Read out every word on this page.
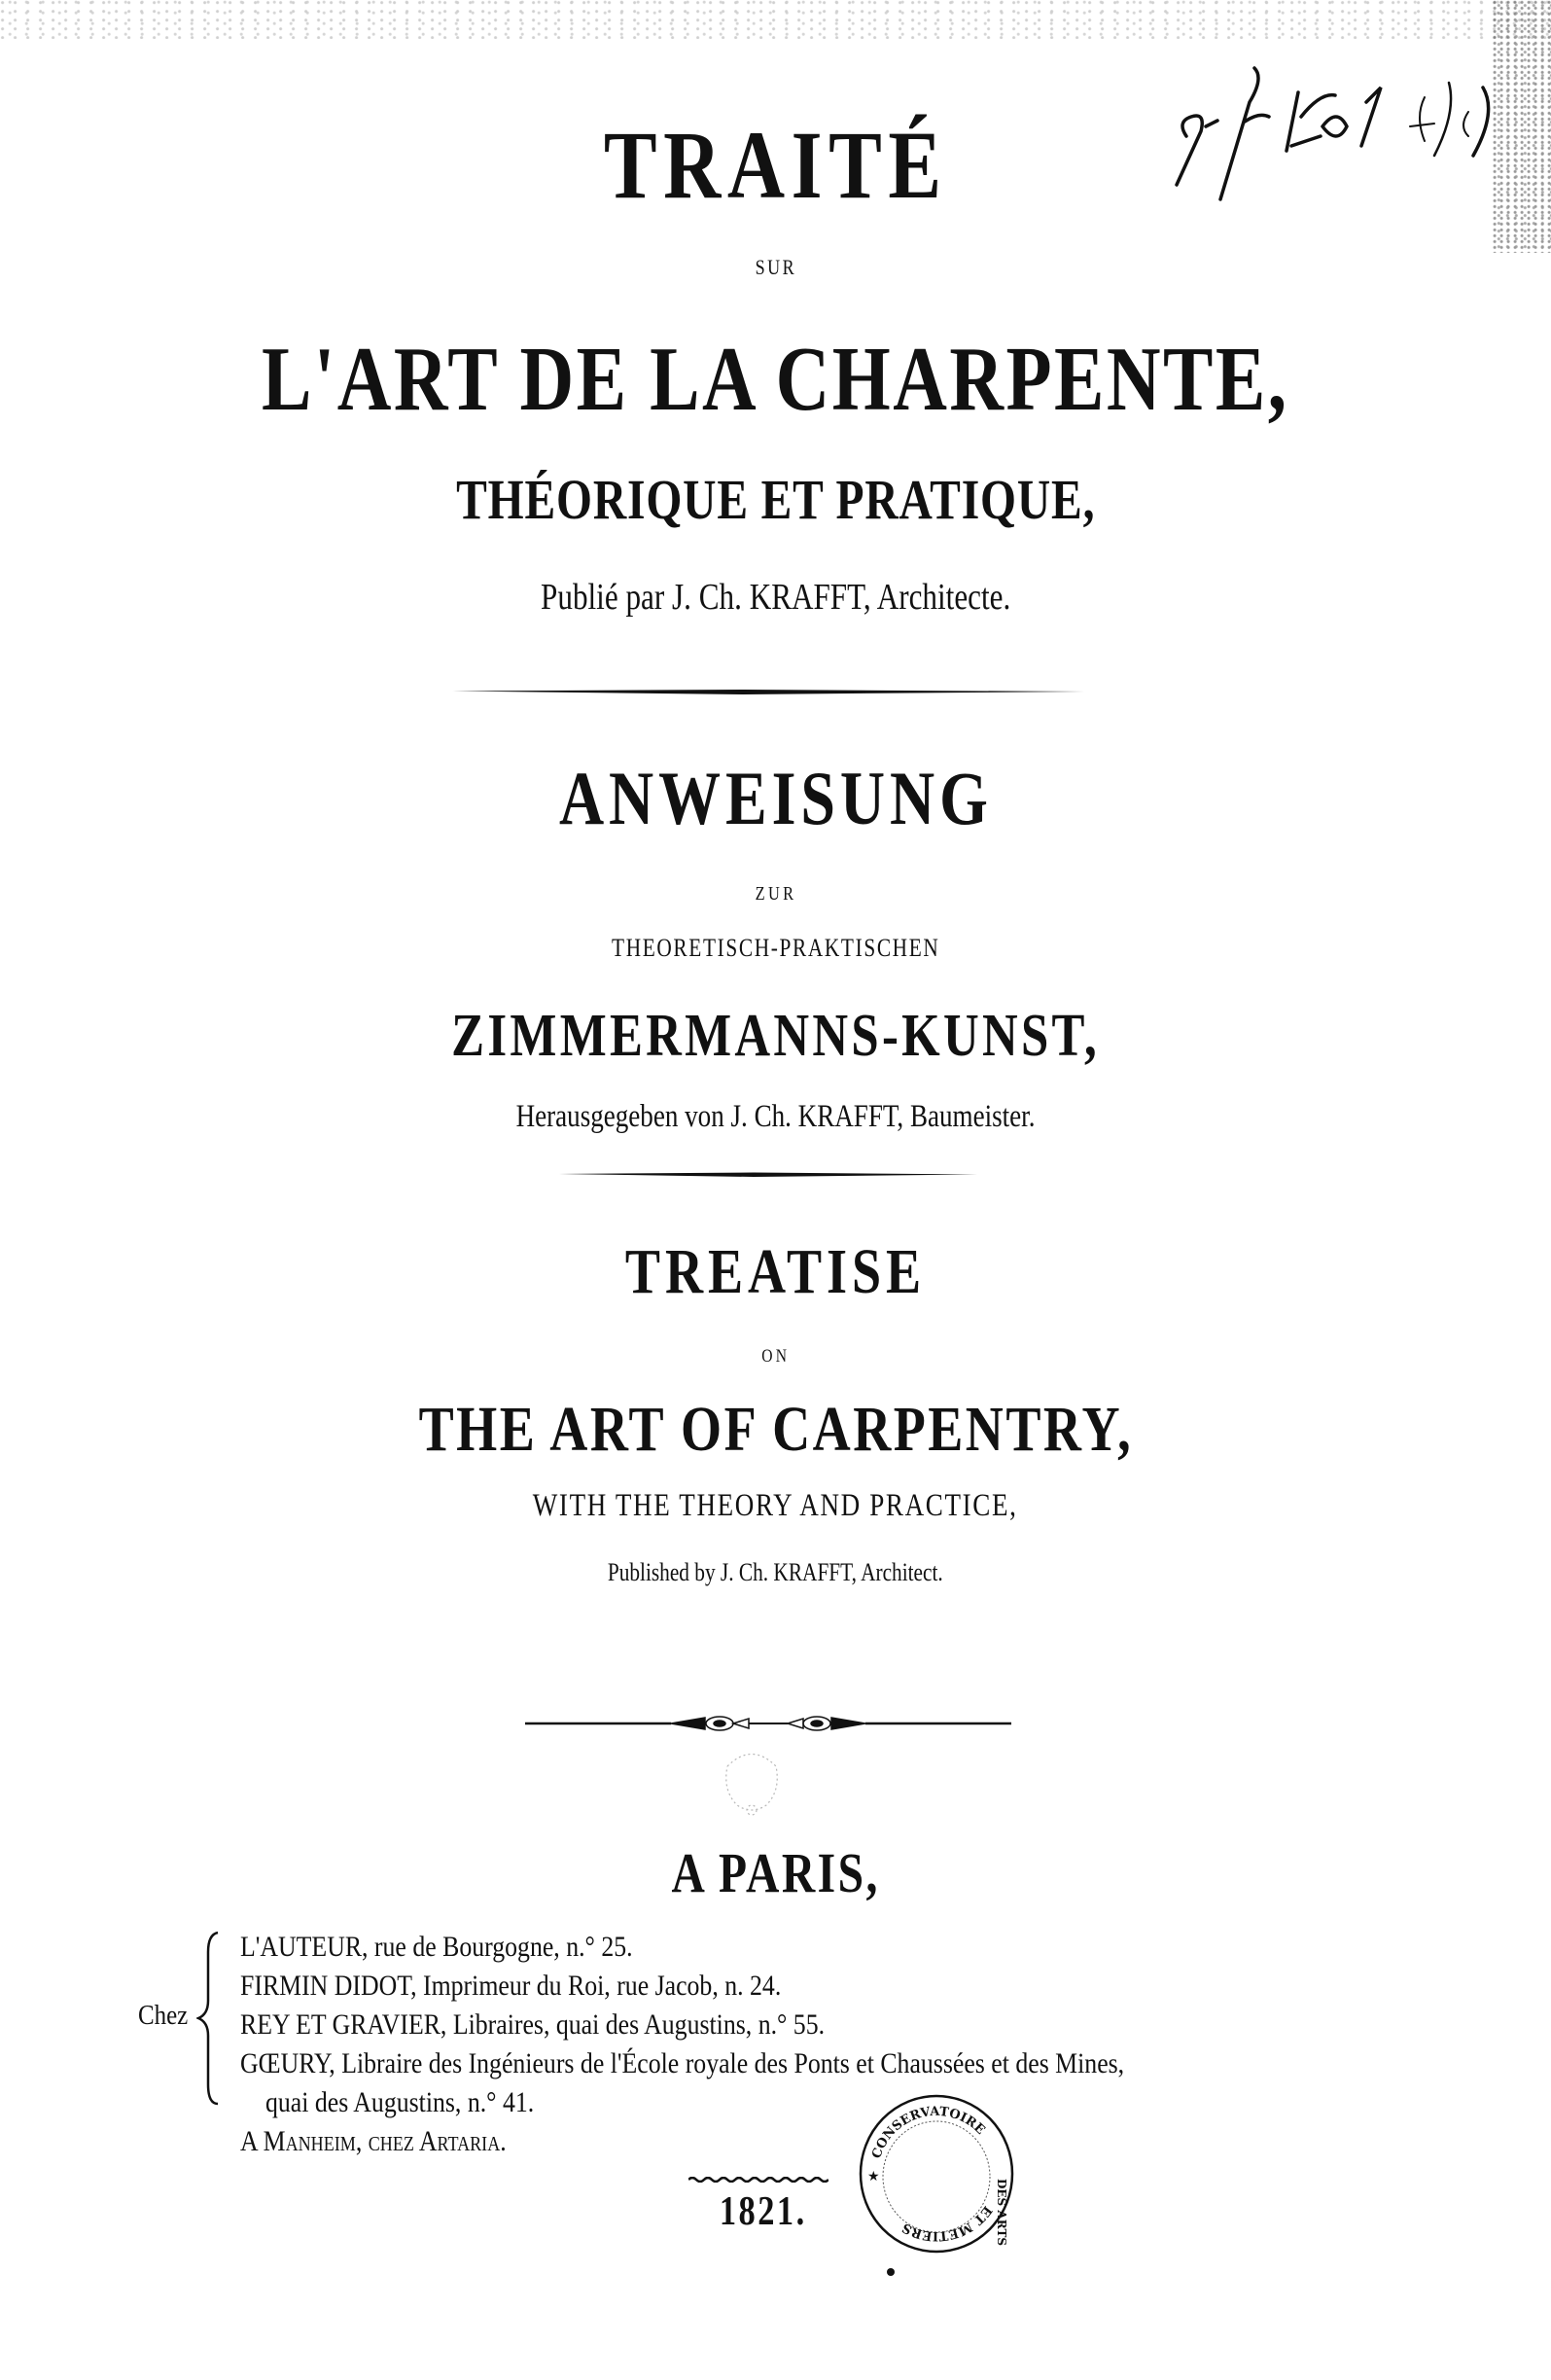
TRAITÉ
SUR
L'ART DE LA CHARPENTE,
THÉORIQUE ET PRATIQUE,
Publié par J. Ch. KRAFFT, Architecte.
ANWEISUNG
ZUR
THEORETISCH-PRAKTISCHEN
ZIMMERMANNS-KUNST,
Herausgegeben von J. Ch. KRAFFT, Baumeister.
TREATISE
ON
THE ART OF CARPENTRY,
WITH THE THEORY AND PRACTICE,
Published by J. Ch. KRAFFT, Architect.
A PARIS,
Chez
L'AUTEUR, rue de Bourgogne, n.° 25.
FIRMIN DIDOT, Imprimeur du Roi, rue Jacob, n. 24.
REY ET GRAVIER, Libraires, quai des Augustins, n.° 55.
GŒURY, Libraire des Ingénieurs de l'École royale des Ponts et Chaussées et des Mines,
quai des Augustins, n.° 41.
A Manheim, chez Artaria.
1821.
CONSERVATOIRE
ET METIERS	DES ARTS
★
